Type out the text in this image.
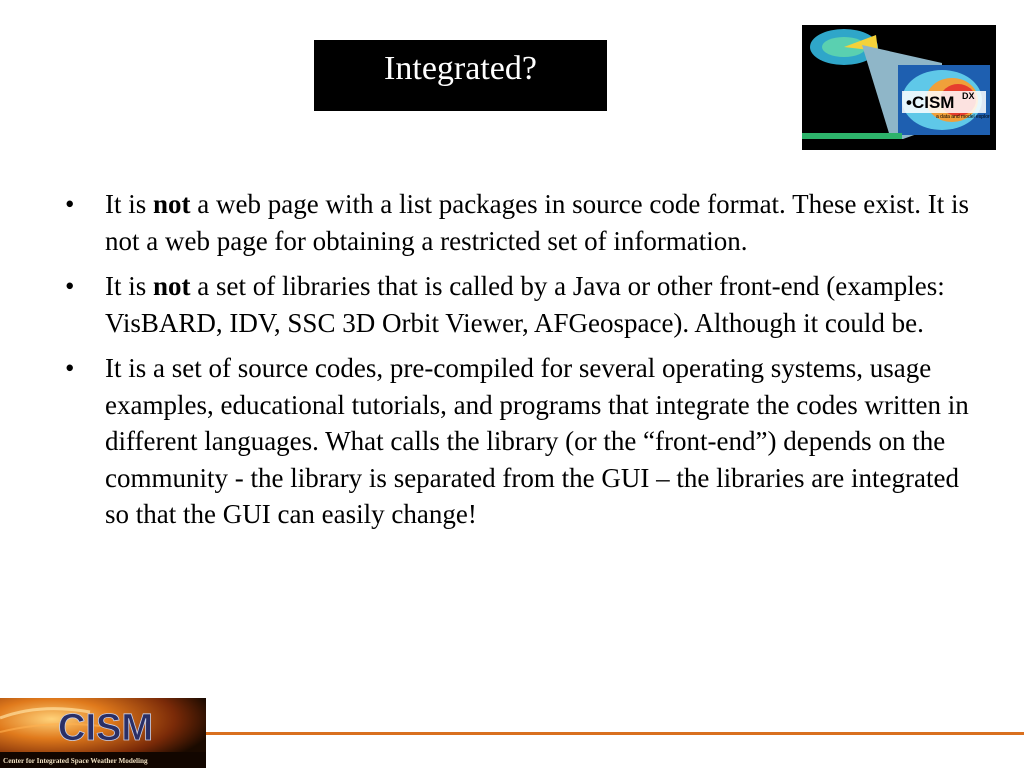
Integrated?
•CISM DX
a data and model explorer
• It is not a web page with a list packages in source code format. These exist. It is not a web page for obtaining a restricted set of information.
• It is not a set of libraries that is called by a Java or other front-end (examples: VisBARD, IDV, SSC 3D Orbit Viewer, AFGeospace). Although it could be.
• It is a set of source codes, pre-compiled for several operating systems, usage examples, educational tutorials, and programs that integrate the codes written in different languages. What calls the library (or the “front-end”) depends on the community - the library is separated from the GUI – the libraries are integrated so that the GUI can easily change!
CISM
Center for Integrated Space Weather Modeling
